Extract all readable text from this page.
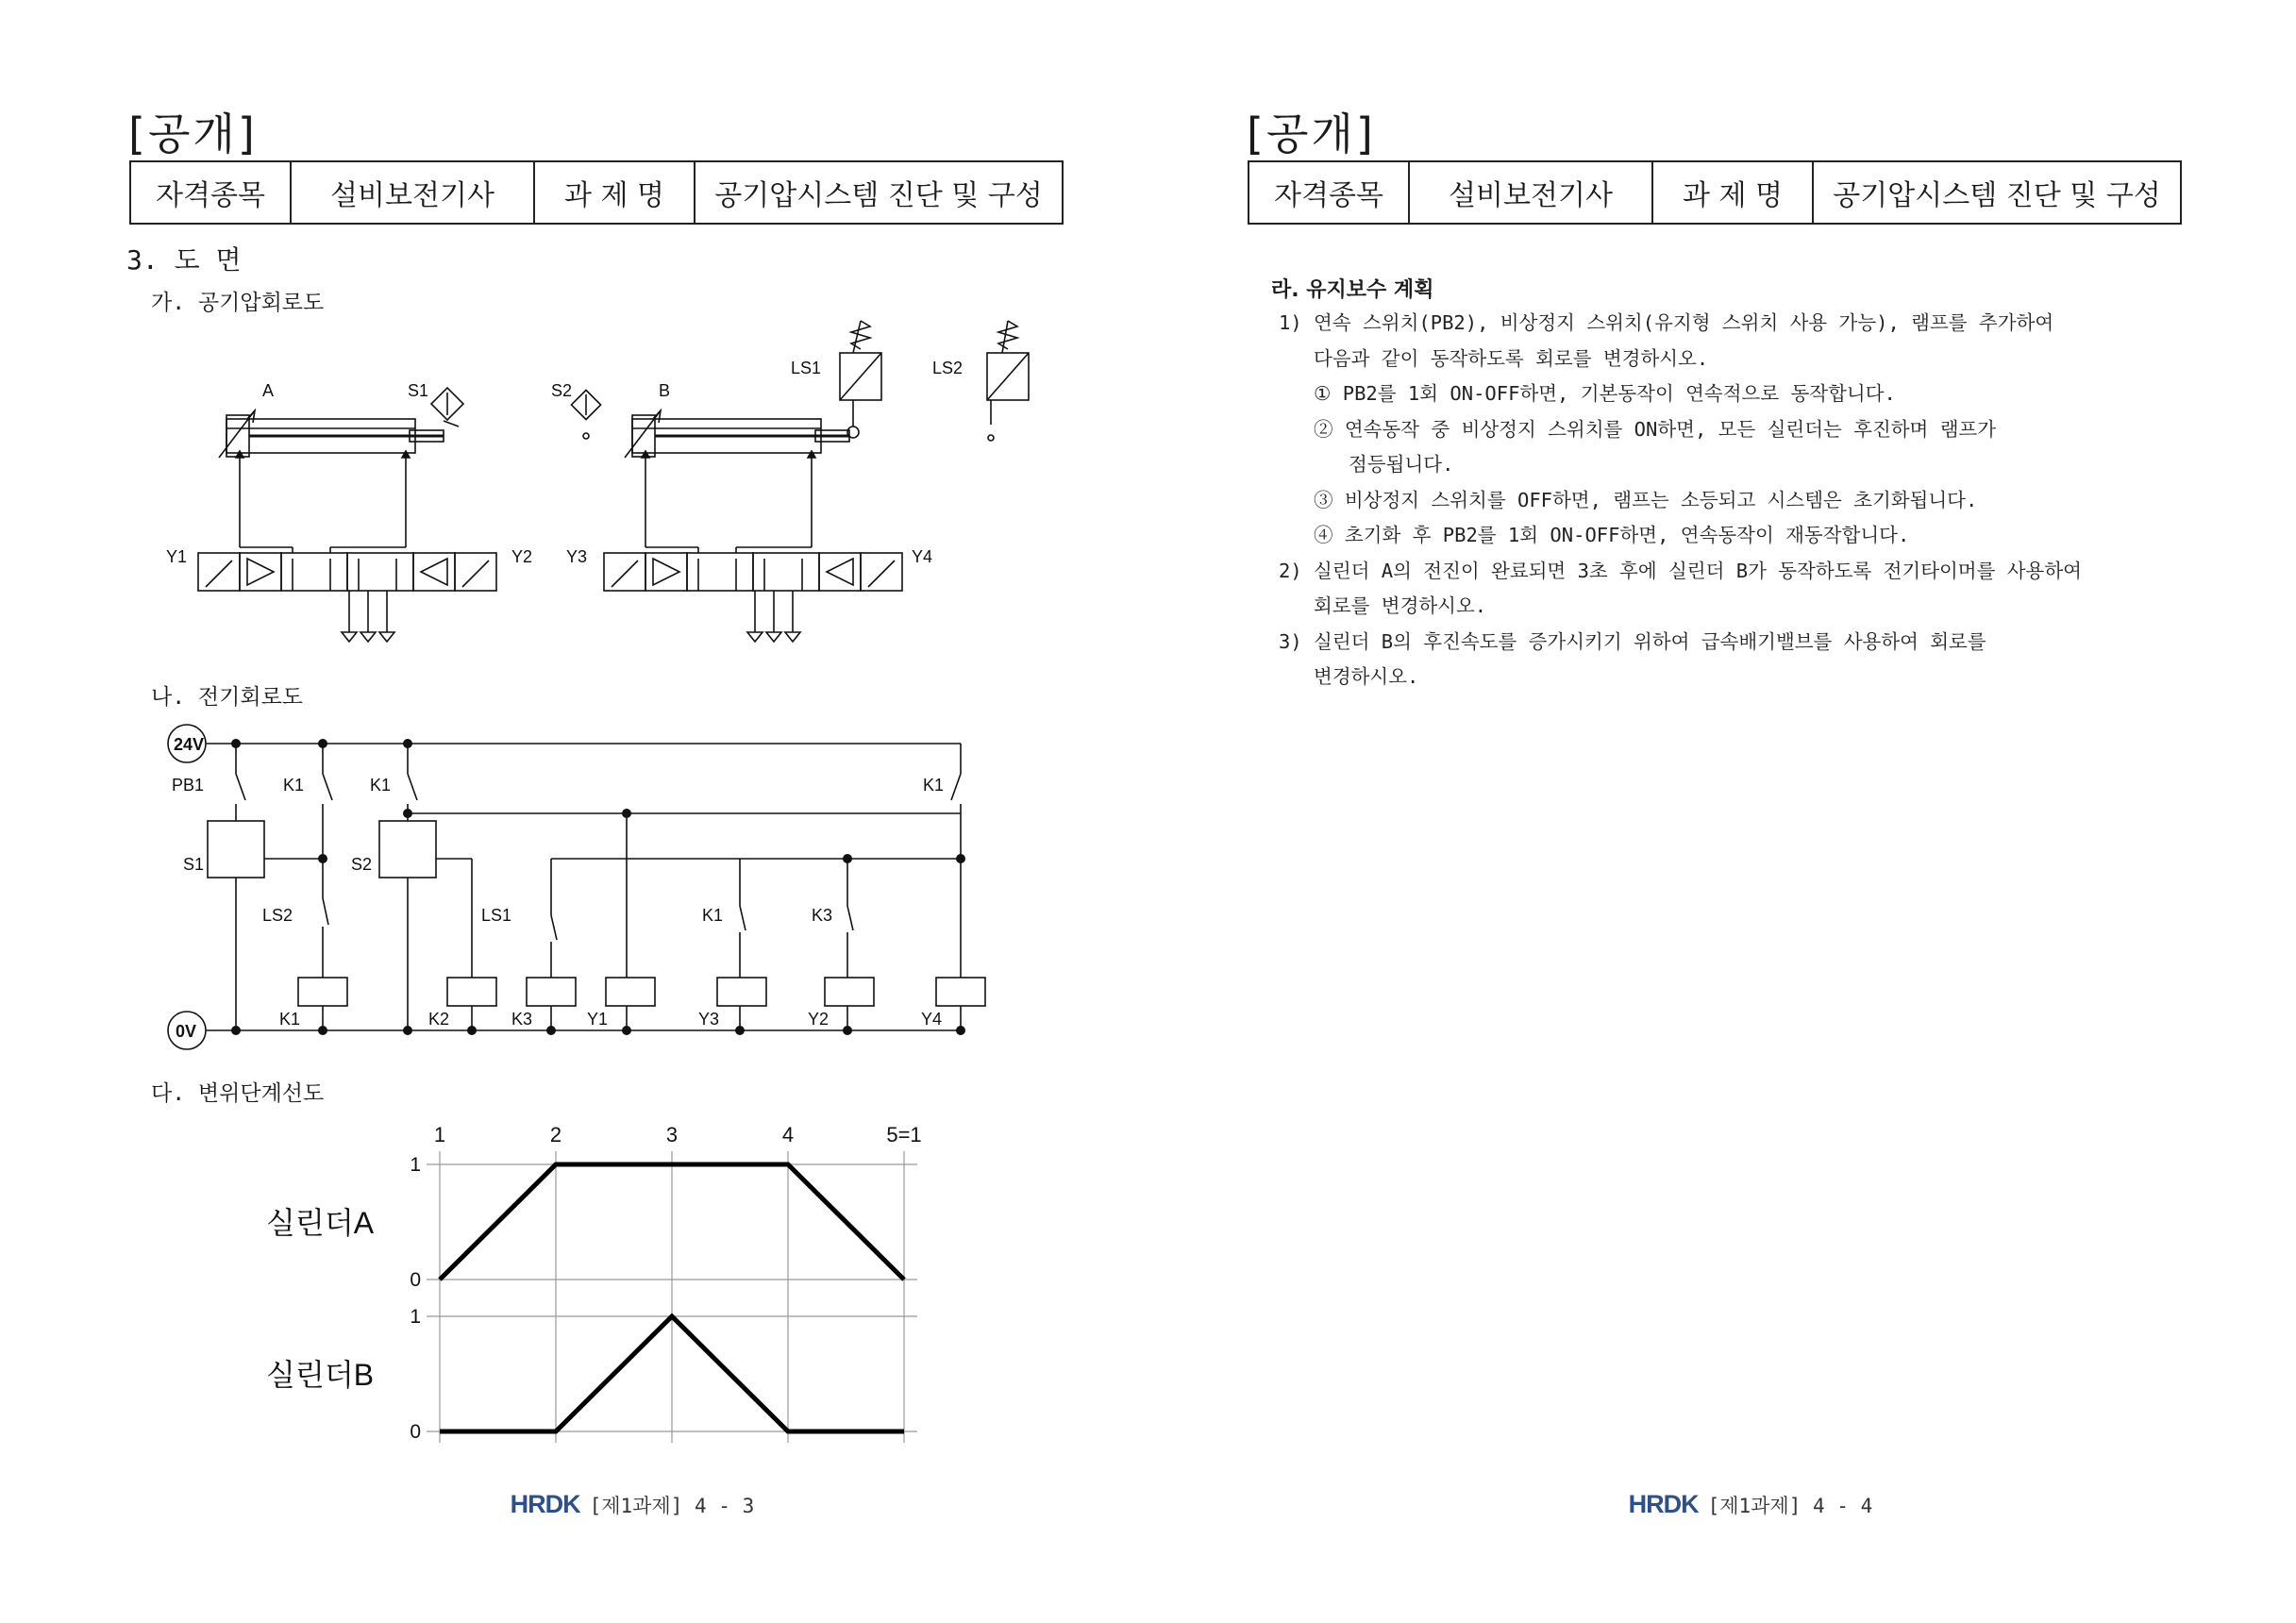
[공개]
자격종목	설비보전기사	과 제 명	공기압시스템 진단 및 구성
3. 도 면
가. 공기압회로도
A	S1	S2	B
LS1	LS2
Y1	Y2 Y3	Y4
나. 전기회로도
24V
0V
PB1	K1	K1	K1
S1	S2
LS2	LS1	K1	K3
K1	K2	K3	Y1	Y3	Y2	Y4
다. 변위단계선도
1	2	3	4	5=1
0
1
실린더A
0
1
실린더B

HRDK [제1과제] 4 - 3

[공개]
자격종목	설비보전기사	과 제 명	공기압시스템 진단 및 구성
라. 유지보수 계획
1) 연속 스위치(PB2), 비상정지 스위치(유지형 스위치 사용 가능), 램프를 추가하여
다음과 같이 동작하도록 회로를 변경하시오.
① PB2를 1회 ON-OFF하면, 기본동작이 연속적으로 동작합니다.
② 연속동작 중 비상정지 스위치를 ON하면, 모든 실린더는 후진하며 램프가
점등됩니다.
③ 비상정지 스위치를 OFF하면, 램프는 소등되고 시스템은 초기화됩니다.
④ 초기화 후 PB2를 1회 ON-OFF하면, 연속동작이 재동작합니다.
2) 실린더 A의 전진이 완료되면 3초 후에 실린더 B가 동작하도록 전기타이머를 사용하여
회로를 변경하시오.
3) 실린더 B의 후진속도를 증가시키기 위하여 급속배기밸브를 사용하여 회로를
변경하시오.

HRDK [제1과제] 4 - 4
